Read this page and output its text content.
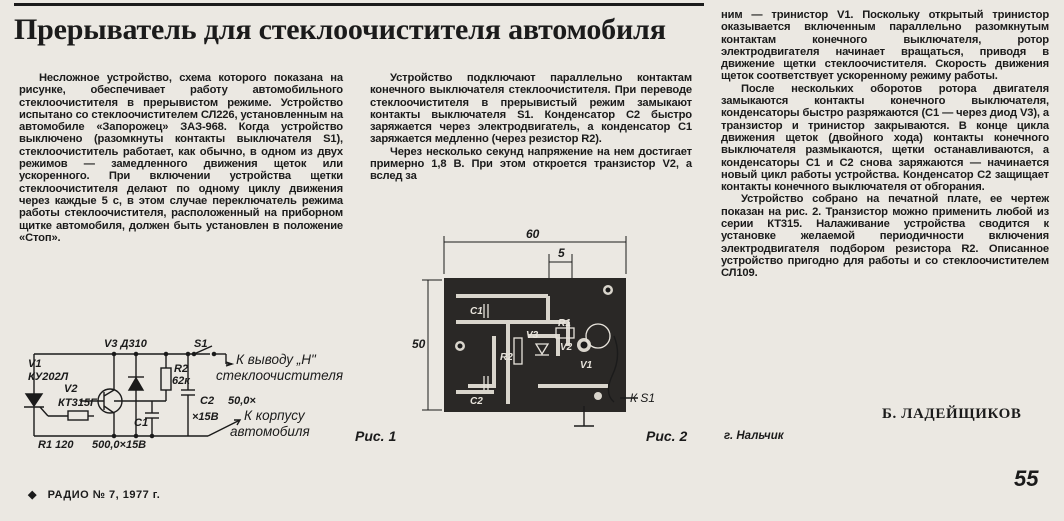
Прерыватель для стеклоочистителя автомобиля

Несложное устройство, схема которого показана на рисунке, обеспечивает работу автомобильного стеклоочистителя в прерывистом режиме. Устройство испытано со стеклоочистителем СЛ226, установленным на автомобиле «Запорожец» ЗАЗ-968. Когда устройство выключено (разомкнуты контакты выключателя S1), стеклоочиститель работает, как обычно, в одном из двух режимов — замедленного движения щеток или ускоренного. При включении устройства щетки стеклоочистителя делают по одному циклу движения через каждые 5 с, в этом случае переключатель режима работы стеклоочистителя, расположенный на приборном щитке автомобиля, должен быть установлен в положение «Стоп».

Устройство подключают параллельно контактам конечного выключателя стеклоочистителя. При переводе стеклоочистителя в прерывистый режим замыкают контакты выключателя S1. Конденсатор C2 быстро заряжается через электродвигатель, а конденсатор C1 заряжается медленно (через резистор R2).

Через несколько секунд напряжение на нем достигает примерно 1,8 В. При этом откроется транзистор V2, а вслед за

ним — тринистор V1. Поскольку открытый тринистор оказывается включенным параллельно разомкнутым контактам конечного выключателя, ротор электродвигателя начинает вращаться, приводя в движение щетки стеклоочистителя. Скорость движения щеток соответствует ускоренному режиму работы.

После нескольких оборотов ротора двигателя замыкаются контакты конечного выключателя, конденсаторы быстро разряжаются (C1 — через диод V3), а транзистор и тринистор закрываются. В конце цикла движения щеток (двойного хода) контакты конечного выключателя размыкаются, щетки останавливаются, а конденсаторы C1 и C2 снова заряжаются — начинается новый цикл работы устройства. Конденсатор C2 защищает контакты конечного выключателя от обгорания.

Устройство собрано на печатной плате, ее чертеж показан на рис. 2. Транзистор можно применить любой из серии КТ315. Налаживание устройства сводится к установке желаемой периодичности включения электродвигателя подбором резистора R2. Описанное устройство пригодно для работы и со стеклоочистителем СЛ109.

V1
КУ202Л
V2
КТ315Г
R1 120 500,0×15В
C1
V3 Д310
R2
62к
C2 50,0×
×15В
S1
К выводу „Н"
стеклоочистителя
К корпусу
автомобиля	Рис. 1
60
5
50
C1
C2
R2
V3
R1
V2
V1
К S1
Рис. 2	г. Нальчик
Б. ЛАДЕЙЩИКОВ
◆   РАДИО № 7, 1977 г.
55
